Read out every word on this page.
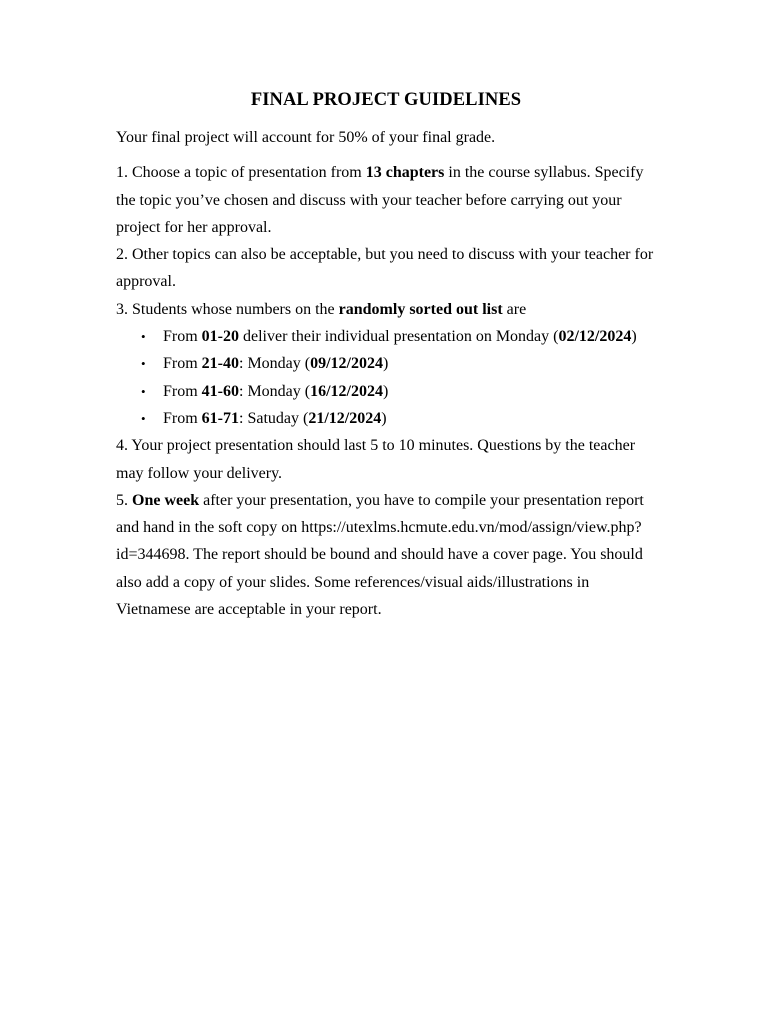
FINAL PROJECT GUIDELINES

Your final project will account for 50% of your final grade.

1. Choose a topic of presentation from 13 chapters in the course syllabus. Specify the topic you’ve chosen and discuss with your teacher before carrying out your project for her approval.

2. Other topics can also be acceptable, but you need to discuss with your teacher for approval.

3. Students whose numbers on the randomly sorted out list are

• From 01-20 deliver their individual presentation on Monday (02/12/2024)
• From 21-40: Monday (09/12/2024)
• From 41-60: Monday (16/12/2024)
• From 61-71: Satuday (21/12/2024)

4. Your project presentation should last 5 to 10 minutes. Questions by the teacher may follow your delivery.

5. One week after your presentation, you have to compile your presentation report and hand in the soft copy on https://utexlms.hcmute.edu.vn/mod/assign/view.php?id=344698. The report should be bound and should have a cover page. You should also add a copy of your slides. Some references/visual aids/illustrations in Vietnamese are acceptable in your report.
